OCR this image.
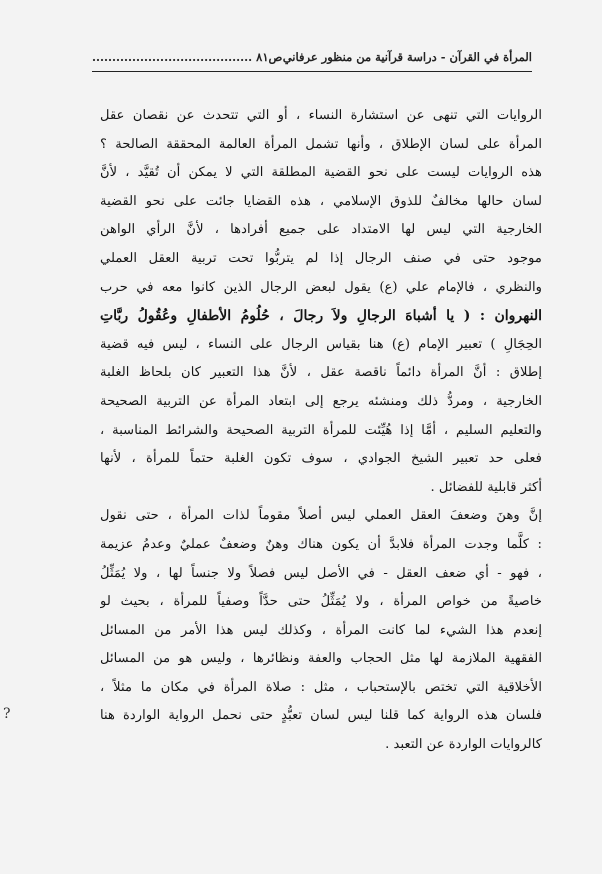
المرأة في القرآن - دراسة قرآنية من منظور عرفاني
ص٨١ ........................................
الروايات التي تنهى عن استشارة النساء ، أو التي تتحدث عن نقصان عقل
المرأة على لسان الإطلاق ، وأنها تشمل المرأة العالمة المحققة الصالحة ؟
هذه الروايات ليست على نحو القضية المطلقة التي لا يمكن أن تُقيَّد ، لأنَّ
لسان حالها مخالفٌ للذوق الإسلامي ، هذه القضايا جائت على نحو القضية
الخارجية التي ليس لها الامتداد على جميع أفرادها ، لأنَّ الرأي الواهن
موجود حتى في صنف الرجال إذا لم يتربُّوا تحت تربية العقل العملي
والنظري ، فالإمام علي (ع) يقول لبعض الرجال الذين كانوا معه في حرب
النهروان : ( يا أشباهَ الرجالِ ولاَ رجالَ ، حُلُومُ الأطفالِ وعُقُولُ ربَّاتِ
الحِجَالِ ) تعبير الإمام (ع) هنا بقياس الرجال على النساء ، ليس فيه قضية
إطلاق : أنَّ المرأة دائماً ناقصة عقل ، لأنَّ هذا التعبير كان بلحاظ الغلبة
الخارجية ، ومردُّ ذلك ومنشئه يرجع إلى ابتعاد المرأة عن التربية الصحيحة
والتعليم السليم ، أمَّا إذا هُيِّئت للمرأة التربية الصحيحة والشرائط المناسبة ،
فعلى حد تعبير الشيخ الجوادي ، سوف تكون الغلبة حتماً للمرأة ، لأنها
أكثر قابلية للفضائل .
إنَّ وهنَ وضعفَ العقل العملي ليس أصلاً مقوماً لذات المرأة ، حتى نقول
: كلَّما وجدت المرأة فلابدَّ أن يكون هناك وهنٌ وضعفٌ عمليٌ وعدمُ عزيمة
، فهو - أي ضعف العقل - في الأصل ليس فصلاً ولا جنساً لها ، ولا يُمَثِّلُ
خاصيةً من خواص المرأة ، ولا يُمَثِّلُ حتى حدَّاً وصفياً للمرأة ، بحيث لو
إنعدم هذا الشيء لما كانت المرأة ، وكذلك ليس هذا الأمر من المسائل
الفقهية الملازمة لها مثل الحجاب والعفة ونظائرها ، وليس هو من المسائل
الأخلاقية التي تختص بالإستحباب ، مثل : صلاة المرأة في مكان ما مثلاً ،
فلسان هذه الرواية كما قلنا ليس لسان تعبُّدٍ حتى نحمل الرواية الواردة هنا
كالروايات الواردة عن التعبد .
?
